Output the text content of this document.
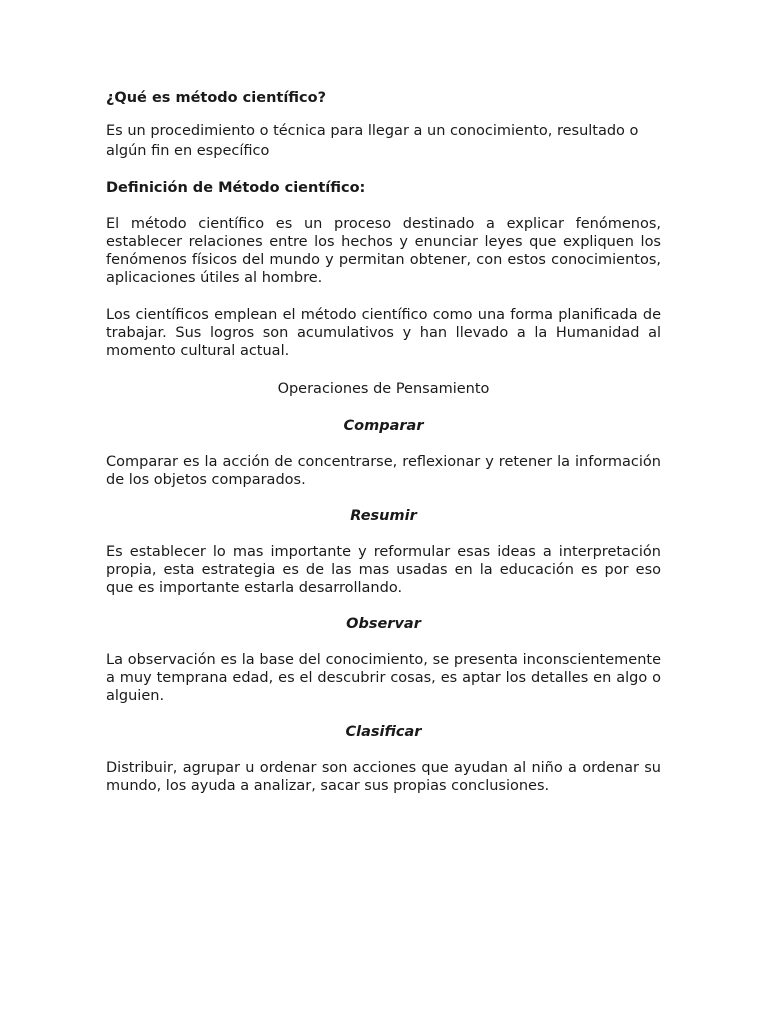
¿Qué es método científico?

Es un procedimiento o técnica para llegar a un conocimiento, resultado o algún fin en específico

Definición de Método científico:

El método científico es un proceso destinado a explicar fenómenos, establecer relaciones entre los hechos y enunciar leyes que expliquen los fenómenos físicos del mundo y permitan obtener, con estos conocimientos, aplicaciones útiles al hombre.

Los científicos emplean el método científico como una forma planificada de trabajar. Sus logros son acumulativos y han llevado a la Humanidad al momento cultural actual.

Operaciones de Pensamiento

Comparar

Comparar es la acción de concentrarse, reflexionar y retener la información de los objetos comparados.

Resumir

Es establecer lo mas importante y reformular esas ideas a interpretación propia, esta estrategia es de las mas usadas en la educación es por eso que es importante estarla desarrollando.

Observar

La observación es la base del conocimiento, se presenta inconscientemente a muy temprana edad, es el descubrir cosas, es aptar los detalles en algo o alguien.

Clasificar

Distribuir, agrupar u ordenar son acciones que ayudan al niño a ordenar su mundo, los ayuda a analizar, sacar sus propias conclusiones.
